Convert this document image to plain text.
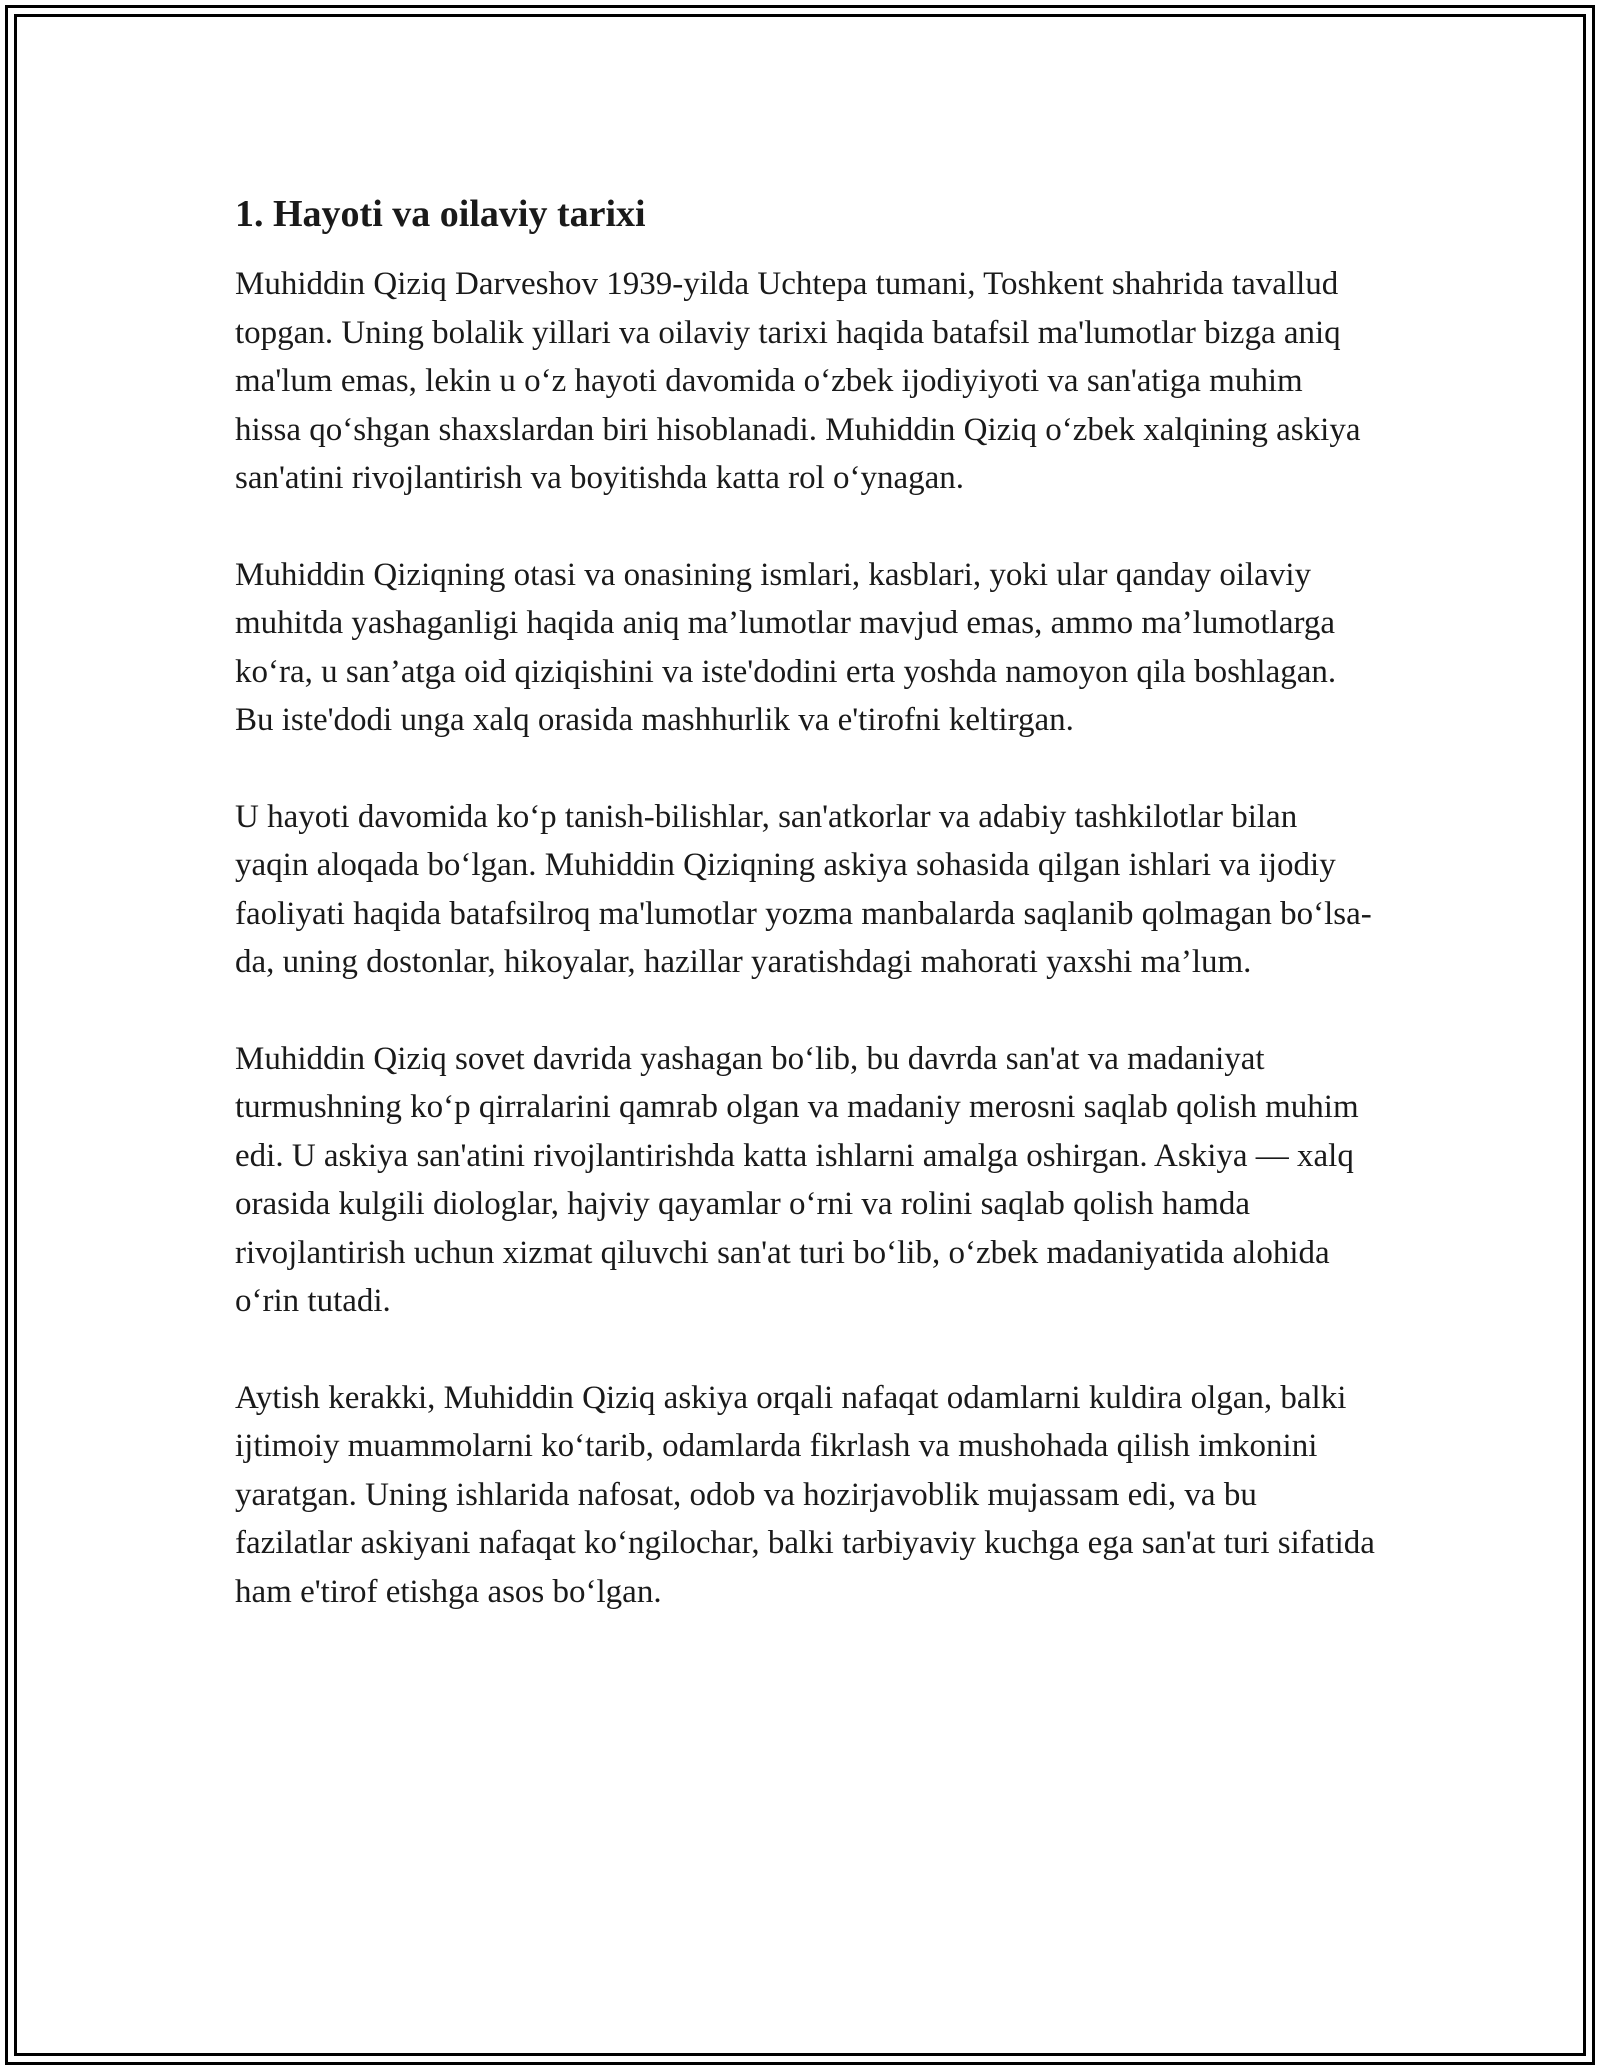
1. Hayoti va oilaviy tarixi

Muhiddin Qiziq Darveshov 1939-yilda Uchtepa tumani, Toshkent shahrida tavallud topgan. Uning bolalik yillari va oilaviy tarixi haqida batafsil ma'lumotlar bizga aniq ma'lum emas, lekin u o‘z hayoti davomida o‘zbek ijodiyiyoti va san'atiga muhim hissa qo‘shgan shaxslardan biri hisoblanadi. Muhiddin Qiziq o‘zbek xalqining askiya san'atini rivojlantirish va boyitishda katta rol o‘ynagan.

Muhiddin Qiziqning otasi va onasining ismlari, kasblari, yoki ular qanday oilaviy muhitda yashaganligi haqida aniq ma’lumotlar mavjud emas, ammo ma’lumotlarga ko‘ra, u san’atga oid qiziqishini va iste'dodini erta yoshda namoyon qila boshlagan. Bu iste'dodi unga xalq orasida mashhurlik va e'tirofni keltirgan.

U hayoti davomida ko‘p tanish-bilishlar, san'atkorlar va adabiy tashkilotlar bilan yaqin aloqada bo‘lgan. Muhiddin Qiziqning askiya sohasida qilgan ishlari va ijodiy faoliyati haqida batafsilroq ma'lumotlar yozma manbalarda saqlanib qolmagan bo‘lsa-da, uning dostonlar, hikoyalar, hazillar yaratishdagi mahorati yaxshi ma’lum.

Muhiddin Qiziq sovet davrida yashagan bo‘lib, bu davrda san'at va madaniyat turmushning ko‘p qirralarini qamrab olgan va madaniy merosni saqlab qolish muhim edi. U askiya san'atini rivojlantirishda katta ishlarni amalga oshirgan. Askiya — xalq orasida kulgili diologlar, hajviy qayamlar o‘rni va rolini saqlab qolish hamda rivojlantirish uchun xizmat qiluvchi san'at turi bo‘lib, o‘zbek madaniyatida alohida o‘rin tutadi.

Aytish kerakki, Muhiddin Qiziq askiya orqali nafaqat odamlarni kuldira olgan, balki ijtimoiy muammolarni ko‘tarib, odamlarda fikrlash va mushohada qilish imkonini yaratgan. Uning ishlarida nafosat, odob va hozirjavoblik mujassam edi, va bu fazilatlar askiyani nafaqat ko‘ngilochar, balki tarbiyaviy kuchga ega san'at turi sifatida ham e'tirof etishga asos bo‘lgan.
